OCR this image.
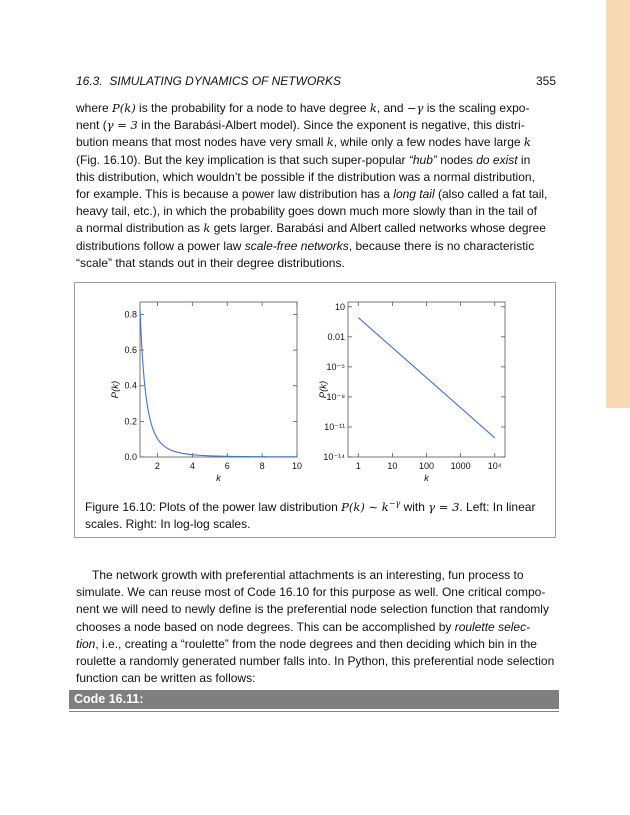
16.3. SIMULATING DYNAMICS OF NETWORKS	355
where P(k) is the probability for a node to have degree k, and −γ is the scaling expo-
nent (γ = 3 in the Barabási-Albert model). Since the exponent is negative, this distri-
bution means that most nodes have very small k, while only a few nodes have large k
(Fig. 16.10). But the key implication is that such super-popular “hub” nodes do exist in
this distribution, which wouldn’t be possible if the distribution was a normal distribution,
for example. This is because a power law distribution has a long tail (also called a fat tail,
heavy tail, etc.), in which the probability goes down much more slowly than in the tail of
a normal distribution as k gets larger. Barabási and Albert called networks whose degree
distributions follow a power law scale-free networks, because there is no characteristic
“scale” that stands out in their degree distributions.
2	4	6	8	10
0.0
0.2
0.4
0.6
0.8
k
P(k)
1	10 100 1000 10⁴
10
0.01
10⁻⁵
10⁻⁸
10⁻¹¹
10⁻¹⁴
k
P(k)
Figure 16.10: Plots of the power law distribution P(k) ∼ $k^{-\gamma}$ with γ = 3. Left: In linear scales. Right: In log-log scales.
The network growth with preferential attachments is an interesting, fun process to
simulate. We can reuse most of Code 16.10 for this purpose as well. One critical compo-
nent we will need to newly define is the preferential node selection function that randomly
chooses a node based on node degrees. This can be accomplished by roulette selec-
tion, i.e., creating a “roulette” from the node degrees and then deciding which bin in the
roulette a randomly generated number falls into. In Python, this preferential node selection
function can be written as follows:
Code 16.11:
